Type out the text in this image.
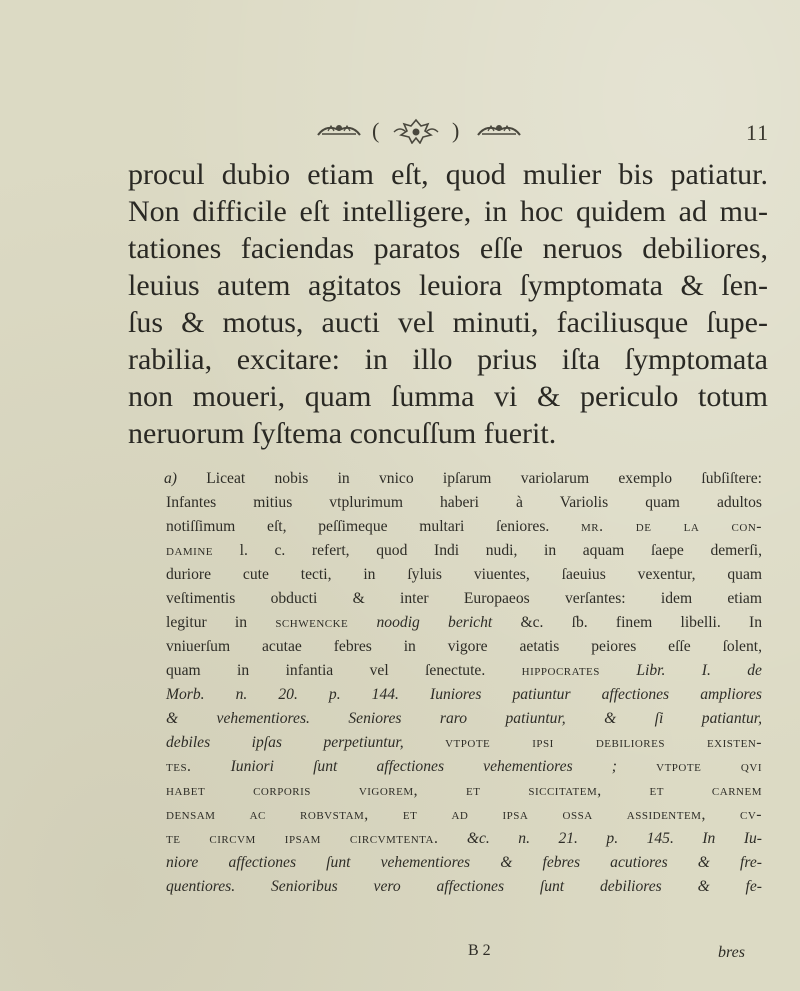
(	)	11
procul dubio etiam eſt, quod mulier bis patiatur.
Non difficile eſt intelligere, in hoc quidem ad mu-
tationes faciendas paratos eſſe neruos debiliores,
leuius autem agitatos leuiora ſymptomata & ſen-
ſus & motus, aucti vel minuti, faciliusque ſupe-
rabilia, excitare: in illo prius iſta ſymptomata
non moueri, quam ſumma vi & periculo totum
neruorum ſyſtema concuſſum fuerit.
a) Liceat nobis in vnico ipſarum variolarum exemplo ſubſiſtere:
Infantes mitius vtplurimum haberi à Variolis quam adultos
notiſſimum eſt, peſſimeque multari ſeniores. mr. de la con-
damine l. c. refert, quod Indi nudi, in aquam ſaepe demerſi,
duriore cute tecti, in ſyluis viuentes, ſaeuius vexentur, quam
veſtimentis obducti & inter Europaeos verſantes: idem etiam
legitur in schwencke noodig bericht &c. ſb. finem libelli. In
vniuerſum acutae febres in vigore aetatis peiores eſſe ſolent,
quam in infantia vel ſenectute. hippocrates Libr. I. de
Morb. n. 20. p. 144. Iuniores patiuntur affectiones ampliores
& vehementiores. Seniores raro patiuntur, & ſi patiantur,
debiles ipſas perpetiuntur,	vtpote ipsi debiliores existen-
tes.	Iuniori ſunt affectiones vehementiores ;	vtpote qvi
habet corporis vigorem, et siccitatem, et carnem
densam ac robvstam, et ad ipsa ossa assidentem, cv-
te circvm ipsam circvmtenta. &c. n. 21. p. 145. In Iu-
niore affectiones ſunt vehementiores & febres acutiores & fre-
quentiores. Senioribus vero affectiones ſunt debiliores & fe-
B 2	bres
